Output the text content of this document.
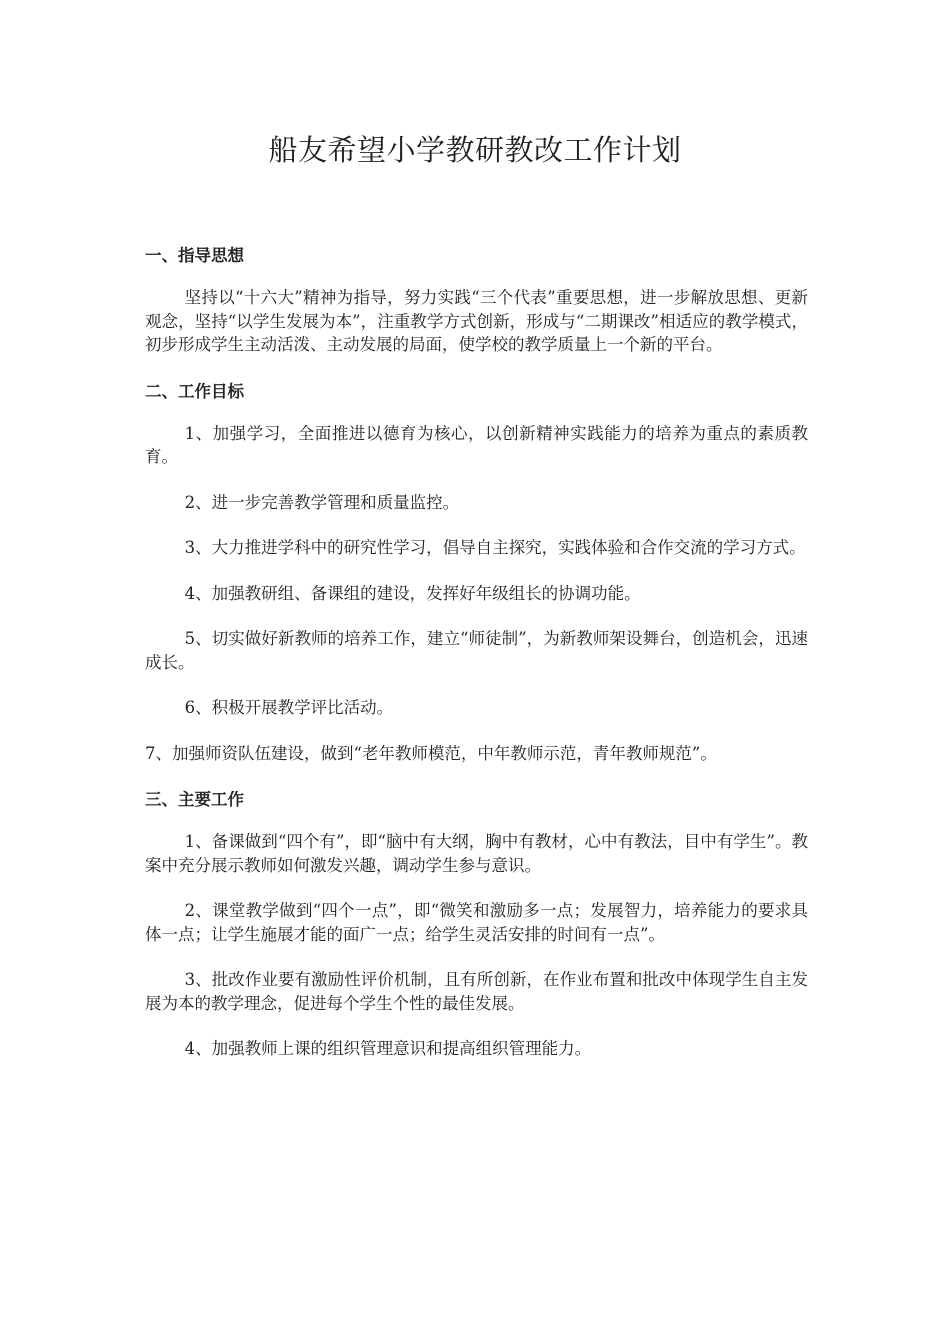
船友希望小学教研教改工作计划
一、指导思想

坚持以“十六大”精神为指导，努力实践“三个代表”重要思想，进一步解放思想、更新观念，坚持“以学生发展为本”，注重教学方式创新，形成与“二期课改”相适应的教学模式，初步形成学生主动活泼、主动发展的局面，使学校的教学质量上一个新的平台。

二、工作目标

1、加强学习，全面推进以德育为核心，以创新精神实践能力的培养为重点的素质教育。

2、进一步完善教学管理和质量监控。

3、大力推进学科中的研究性学习，倡导自主探究，实践体验和合作交流的学习方式。

4、加强教研组、备课组的建设，发挥好年级组长的协调功能。

5、切实做好新教师的培养工作，建立“师徒制”，为新教师架设舞台，创造机会，迅速成长。

6、积极开展教学评比活动。

7、加强师资队伍建设，做到“老年教师模范，中年教师示范，青年教师规范”。

三、主要工作

1、备课做到“四个有”，即“脑中有大纲，胸中有教材，心中有教法，目中有学生”。教案中充分展示教师如何激发兴趣，调动学生参与意识。

2、课堂教学做到“四个一点”，即“微笑和激励多一点；发展智力，培养能力的要求具体一点；让学生施展才能的面广一点；给学生灵活安排的时间有一点”。

3、批改作业要有激励性评价机制，且有所创新，在作业布置和批改中体现学生自主发展为本的教学理念，促进每个学生个性的最佳发展。

4、加强教师上课的组织管理意识和提高组织管理能力。
